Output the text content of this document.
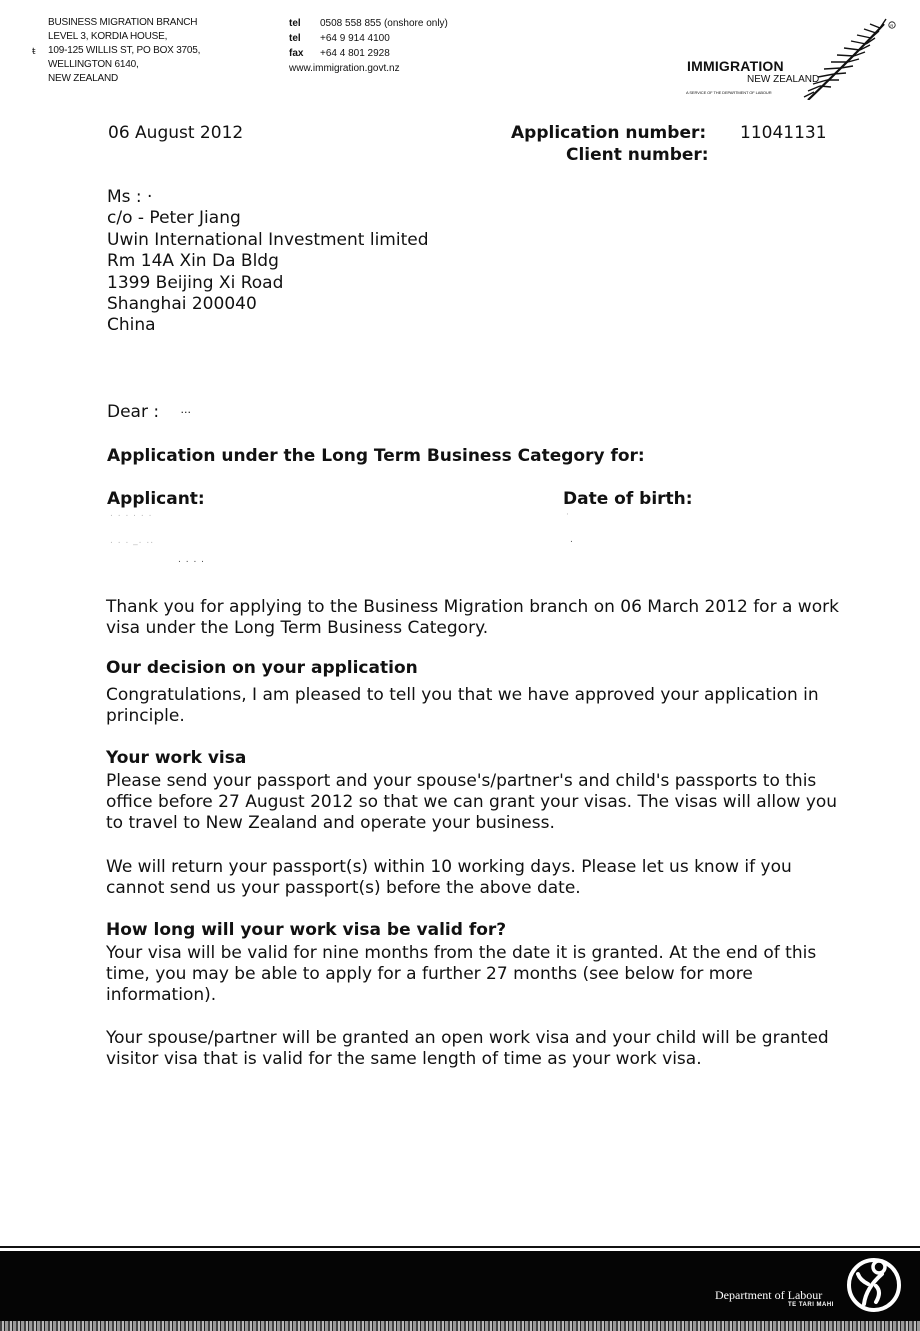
BUSINESS MIGRATION BRANCH
LEVEL 3, KORDIA HOUSE,
109-125 WILLIS ST, PO BOX 3705,
WELLINGTON 6140,
NEW ZEALAND
ŧ
tel	0508 558 855 (onshore only)
tel	+64 9 914 4100
fax	+64 4 801 2928
www.immigration.govt.nz
R
IMMIGRATION
NEW ZEALAND
A SERVICE OF THE DEPARTMENT OF LABOUR
06 August 2012	Application number: 11041131
Client number:
Ms : ·
c/o - Peter Jiang
Uwin International Investment limited
Rm 14A Xin Da Bldg
1399 Beijing Xi Road
Shanghai 200040
China
Dear : ···
Application under the Long Term Business Category for:
Applicant:	Date of birth:
. . . . . .
. . . _. ..
. . . .
·
.
Thank you for applying to the Business Migration branch on 06 March 2012 for a work visa under the Long Term Business Category.
Our decision on your application
Congratulations, I am pleased to tell you that we have approved your application in principle.
Your work visa
Please send your passport and your spouse's/partner's and child's passports to this office before 27 August 2012 so that we can grant your visas. The visas will allow you to travel to New Zealand and operate your business.
We will return your passport(s) within 10 working days. Please let us know if you cannot send us your passport(s) before the above date.
How long will your work visa be valid for?
Your visa will be valid for nine months from the date it is granted. At the end of this time, you may be able to apply for a further 27 months (see below for more information).
Your spouse/partner will be granted an open work visa and your child will be granted visitor visa that is valid for the same length of time as your work visa.
Department of Labour
TE TARI MAHI
